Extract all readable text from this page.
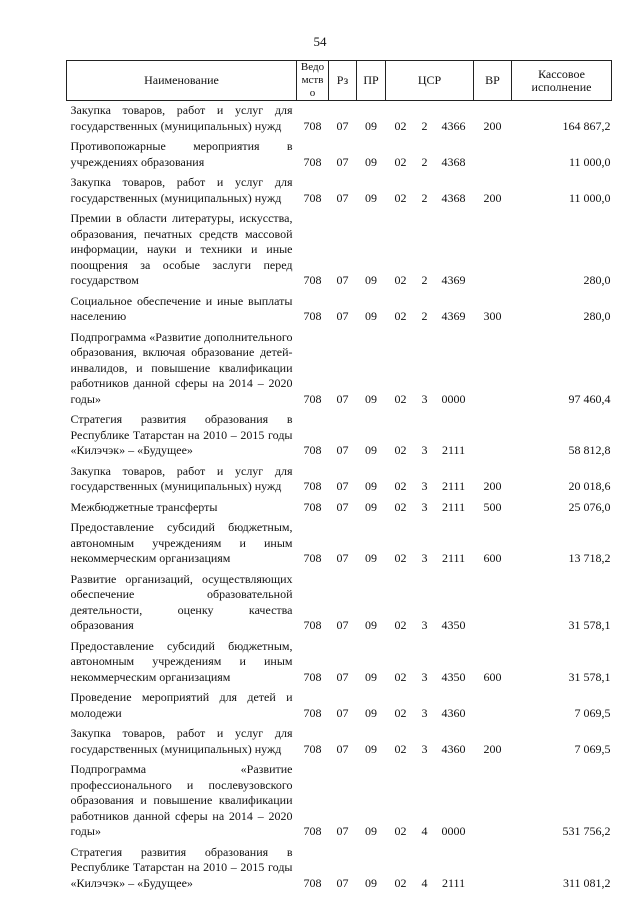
54
Наименование	Ведомство	Рз	ПР	ЦСР			ВР	Кассовое исполнение
Закупка товаров, работ и услуг для государственных (муниципальных) нужд	708	07	09	02	2	4366	200	164 867,2
Противопожарные мероприятия в учреждениях образования	708	07	09	02	2	4368		11 000,0
Закупка товаров, работ и услуг для государственных (муниципальных) нужд	708	07	09	02	2	4368	200	11 000,0
Премии в области литературы, искусства, образования, печатных средств массовой информации, науки и техники и иные поощрения за особые заслуги перед государством	708	07	09	02	2	4369		280,0
Социальное обеспечение и иные выплаты населению	708	07	09	02	2	4369	300	280,0
Подпрограмма «Развитие дополнительного образования, включая образование детей-инвалидов, и повышение квалификации работников данной сферы на 2014 – 2020 годы»	708	07	09	02	3	0000		97 460,4
Стратегия развития образования в Республике Татарстан на 2010 – 2015 годы «Килэчэк» – «Будущее»	708	07	09	02	3	2111		58 812,8
Закупка товаров, работ и услуг для государственных (муниципальных) нужд	708	07	09	02	3	2111	200	20 018,6
Межбюджетные трансферты	708	07	09	02	3	2111	500	25 076,0
Предоставление субсидий бюджетным, автономным учреждениям и иным некоммерческим организациям	708	07	09	02	3	2111	600	13 718,2
Развитие организаций, осуществляющих обеспечение образовательной деятельности, оценку качества образования	708	07	09	02	3	4350		31 578,1
Предоставление субсидий бюджетным, автономным учреждениям и иным некоммерческим организациям	708	07	09	02	3	4350	600	31 578,1
Проведение мероприятий для детей и молодежи	708	07	09	02	3	4360		7 069,5
Закупка товаров, работ и услуг для государственных (муниципальных) нужд	708	07	09	02	3	4360	200	7 069,5
Подпрограмма «Развитие профессионального и послевузовского образования и повышение квалификации работников данной сферы на 2014 – 2020 годы»	708	07	09	02	4	0000		531 756,2
Стратегия развития образования в Республике Татарстан на 2010 – 2015 годы «Килэчэк» – «Будущее»	708	07	09	02	4	2111		311 081,2
